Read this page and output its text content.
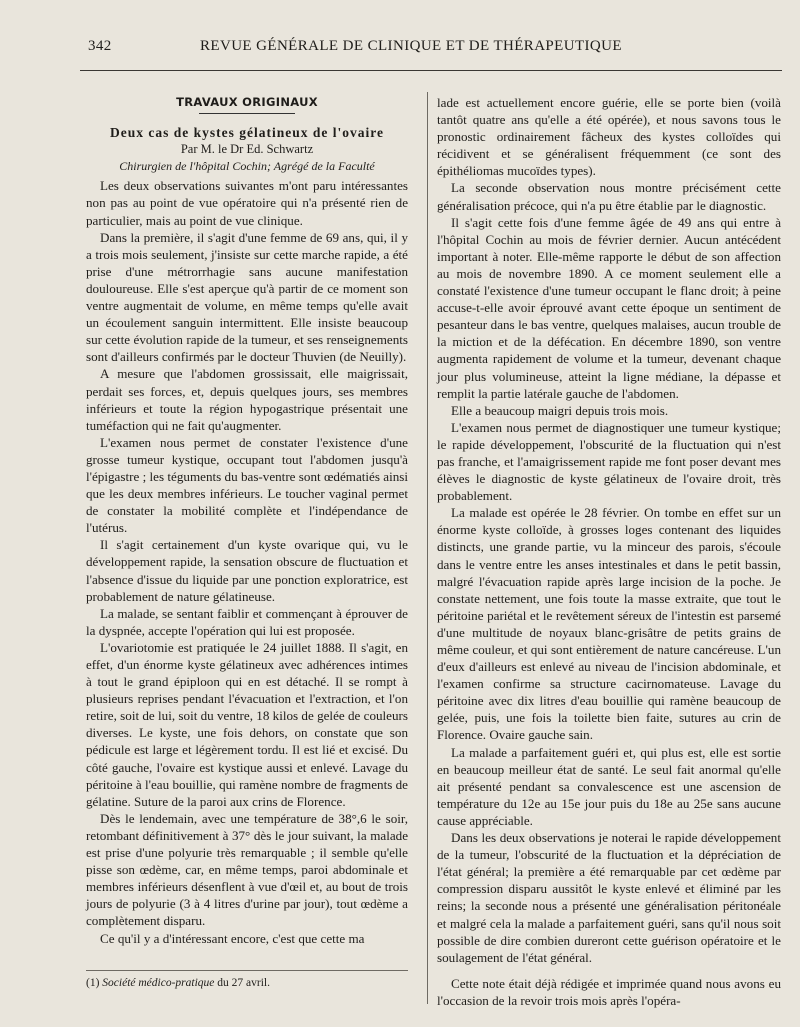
342	REVUE GÉNÉRALE DE CLINIQUE ET DE THÉRAPEUTIQUE

TRAVAUX ORIGINAUX

Deux cas de kystes gélatineux de l'ovaire

Par M. le Dr Ed. Schwartz

Chirurgien de l'hôpital Cochin; Agrégé de la Faculté

Les deux observations suivantes m'ont paru intéressantes non pas au point de vue opératoire qui n'a présenté rien de particulier, mais au point de vue clinique.

Dans la première, il s'agit d'une femme de 69 ans, qui, il y a trois mois seulement, j'insiste sur cette marche rapide, a été prise d'une métrorrhagie sans aucune manifestation douloureuse. Elle s'est aperçue qu'à partir de ce moment son ventre augmentait de volume, en même temps qu'elle avait un écoulement sanguin intermittent. Elle insiste beaucoup sur cette évolution rapide de la tumeur, et ses renseignements sont d'ailleurs confirmés par le docteur Thuvien (de Neuilly).

A mesure que l'abdomen grossissait, elle maigrissait, perdait ses forces, et, depuis quelques jours, ses membres inférieurs et toute la région hypogastrique présentait une tuméfaction qui ne fait qu'augmenter.

L'examen nous permet de constater l'existence d'une grosse tumeur kystique, occupant tout l'abdomen jusqu'à l'épigastre ; les téguments du bas-ventre sont œdématiés ainsi que les deux membres inférieurs. Le toucher vaginal permet de constater la mobilité complète et l'indépendance de l'utérus.

Il s'agit certainement d'un kyste ovarique qui, vu le développement rapide, la sensation obscure de fluctuation et l'absence d'issue du liquide par une ponction exploratrice, est probablement de nature gélatineuse.

La malade, se sentant faiblir et commençant à éprouver de la dyspnée, accepte l'opération qui lui est proposée.

L'ovariotomie est pratiquée le 24 juillet 1888. Il s'agit, en effet, d'un énorme kyste gélatineux avec adhérences intimes à tout le grand épiploon qui en est détaché. Il se rompt à plusieurs reprises pendant l'évacuation et l'extraction, et l'on retire, soit de lui, soit du ventre, 18 kilos de gelée de couleurs diverses. Le kyste, une fois dehors, on constate que son pédicule est large et légèrement tordu. Il est lié et excisé. Du côté gauche, l'ovaire est kystique aussi et enlevé. Lavage du péritoine à l'eau bouillie, qui ramène nombre de fragments de gélatine. Suture de la paroi aux crins de Florence.

Dès le lendemain, avec une température de 38°,6 le soir, retombant définitivement à 37° dès le jour suivant, la malade est prise d'une polyurie très remarquable ; il semble qu'elle pisse son œdème, car, en même temps, paroi abdominale et membres inférieurs désenflent à vue d'œil et, au bout de trois jours de polyurie (3 à 4 litres d'urine par jour), tout œdème a complètement disparu.

Ce qu'il y a d'intéressant encore, c'est que cette ma

lade est actuellement encore guérie, elle se porte bien (voilà tantôt quatre ans qu'elle a été opérée), et nous savons tous le pronostic ordinairement fâcheux des kystes colloïdes qui récidivent et se généralisent fréquemment (ce sont des épithéliomas mucoïdes types).

La seconde observation nous montre précisément cette généralisation précoce, qui n'a pu être établie par le diagnostic.

Il s'agit cette fois d'une femme âgée de 49 ans qui entre à l'hôpital Cochin au mois de février dernier. Aucun antécédent important à noter. Elle-même rapporte le début de son affection au mois de novembre 1890. A ce moment seulement elle a constaté l'existence d'une tumeur occupant le flanc droit; à peine accuse-t-elle avoir éprouvé avant cette époque un sentiment de pesanteur dans le bas ventre, quelques malaises, aucun trouble de la miction et de la défécation. En décembre 1890, son ventre augmenta rapidement de volume et la tumeur, devenant chaque jour plus volumineuse, atteint la ligne médiane, la dépasse et remplit la partie latérale gauche de l'abdomen.

Elle a beaucoup maigri depuis trois mois.

L'examen nous permet de diagnostiquer une tumeur kystique; le rapide développement, l'obscurité de la fluctuation qui n'est pas franche, et l'amaigrissement rapide me font poser devant mes élèves le diagnostic de kyste gélatineux de l'ovaire droit, très probablement.

La malade est opérée le 28 février. On tombe en effet sur un énorme kyste colloïde, à grosses loges contenant des liquides distincts, une grande partie, vu la minceur des parois, s'écoule dans le ventre entre les anses intestinales et dans le petit bassin, malgré l'évacuation rapide après large incision de la poche. Je constate nettement, une fois toute la masse extraite, que tout le péritoine pariétal et le revêtement séreux de l'intestin est parsemé d'une multitude de noyaux blanc-grisâtre de petits grains de même couleur, et qui sont entièrement de nature cancéreuse. L'un d'eux d'ailleurs est enlevé au niveau de l'incision abdominale, et l'examen confirme sa structure cacirnomateuse. Lavage du péritoine avec dix litres d'eau bouillie qui ramène beaucoup de gelée, puis, une fois la toilette bien faite, sutures au crin de Florence. Ovaire gauche sain.

La malade a parfaitement guéri et, qui plus est, elle est sortie en beaucoup meilleur état de santé. Le seul fait anormal qu'elle ait présenté pendant sa convalescence est une ascension de température du 12e au 15e jour puis du 18e au 25e sans aucune cause appréciable.

Dans les deux observations je noterai le rapide développement de la tumeur, l'obscurité de la fluctuation et la dépréciation de l'état général; la première a été remarquable par cet œdème par compression disparu aussitôt le kyste enlevé et éliminé par les reins; la seconde nous a présenté une généralisation péritonéale et malgré cela la malade a parfaitement guéri, sans qu'il nous soit possible de dire combien dureront cette guérison opératoire et le soulagement de l'état général.

Cette note était déjà rédigée et imprimée quand nous avons eu l'occasion de la revoir trois mois après l'opéra-

(1) Société médico-pratique du 27 avril.
